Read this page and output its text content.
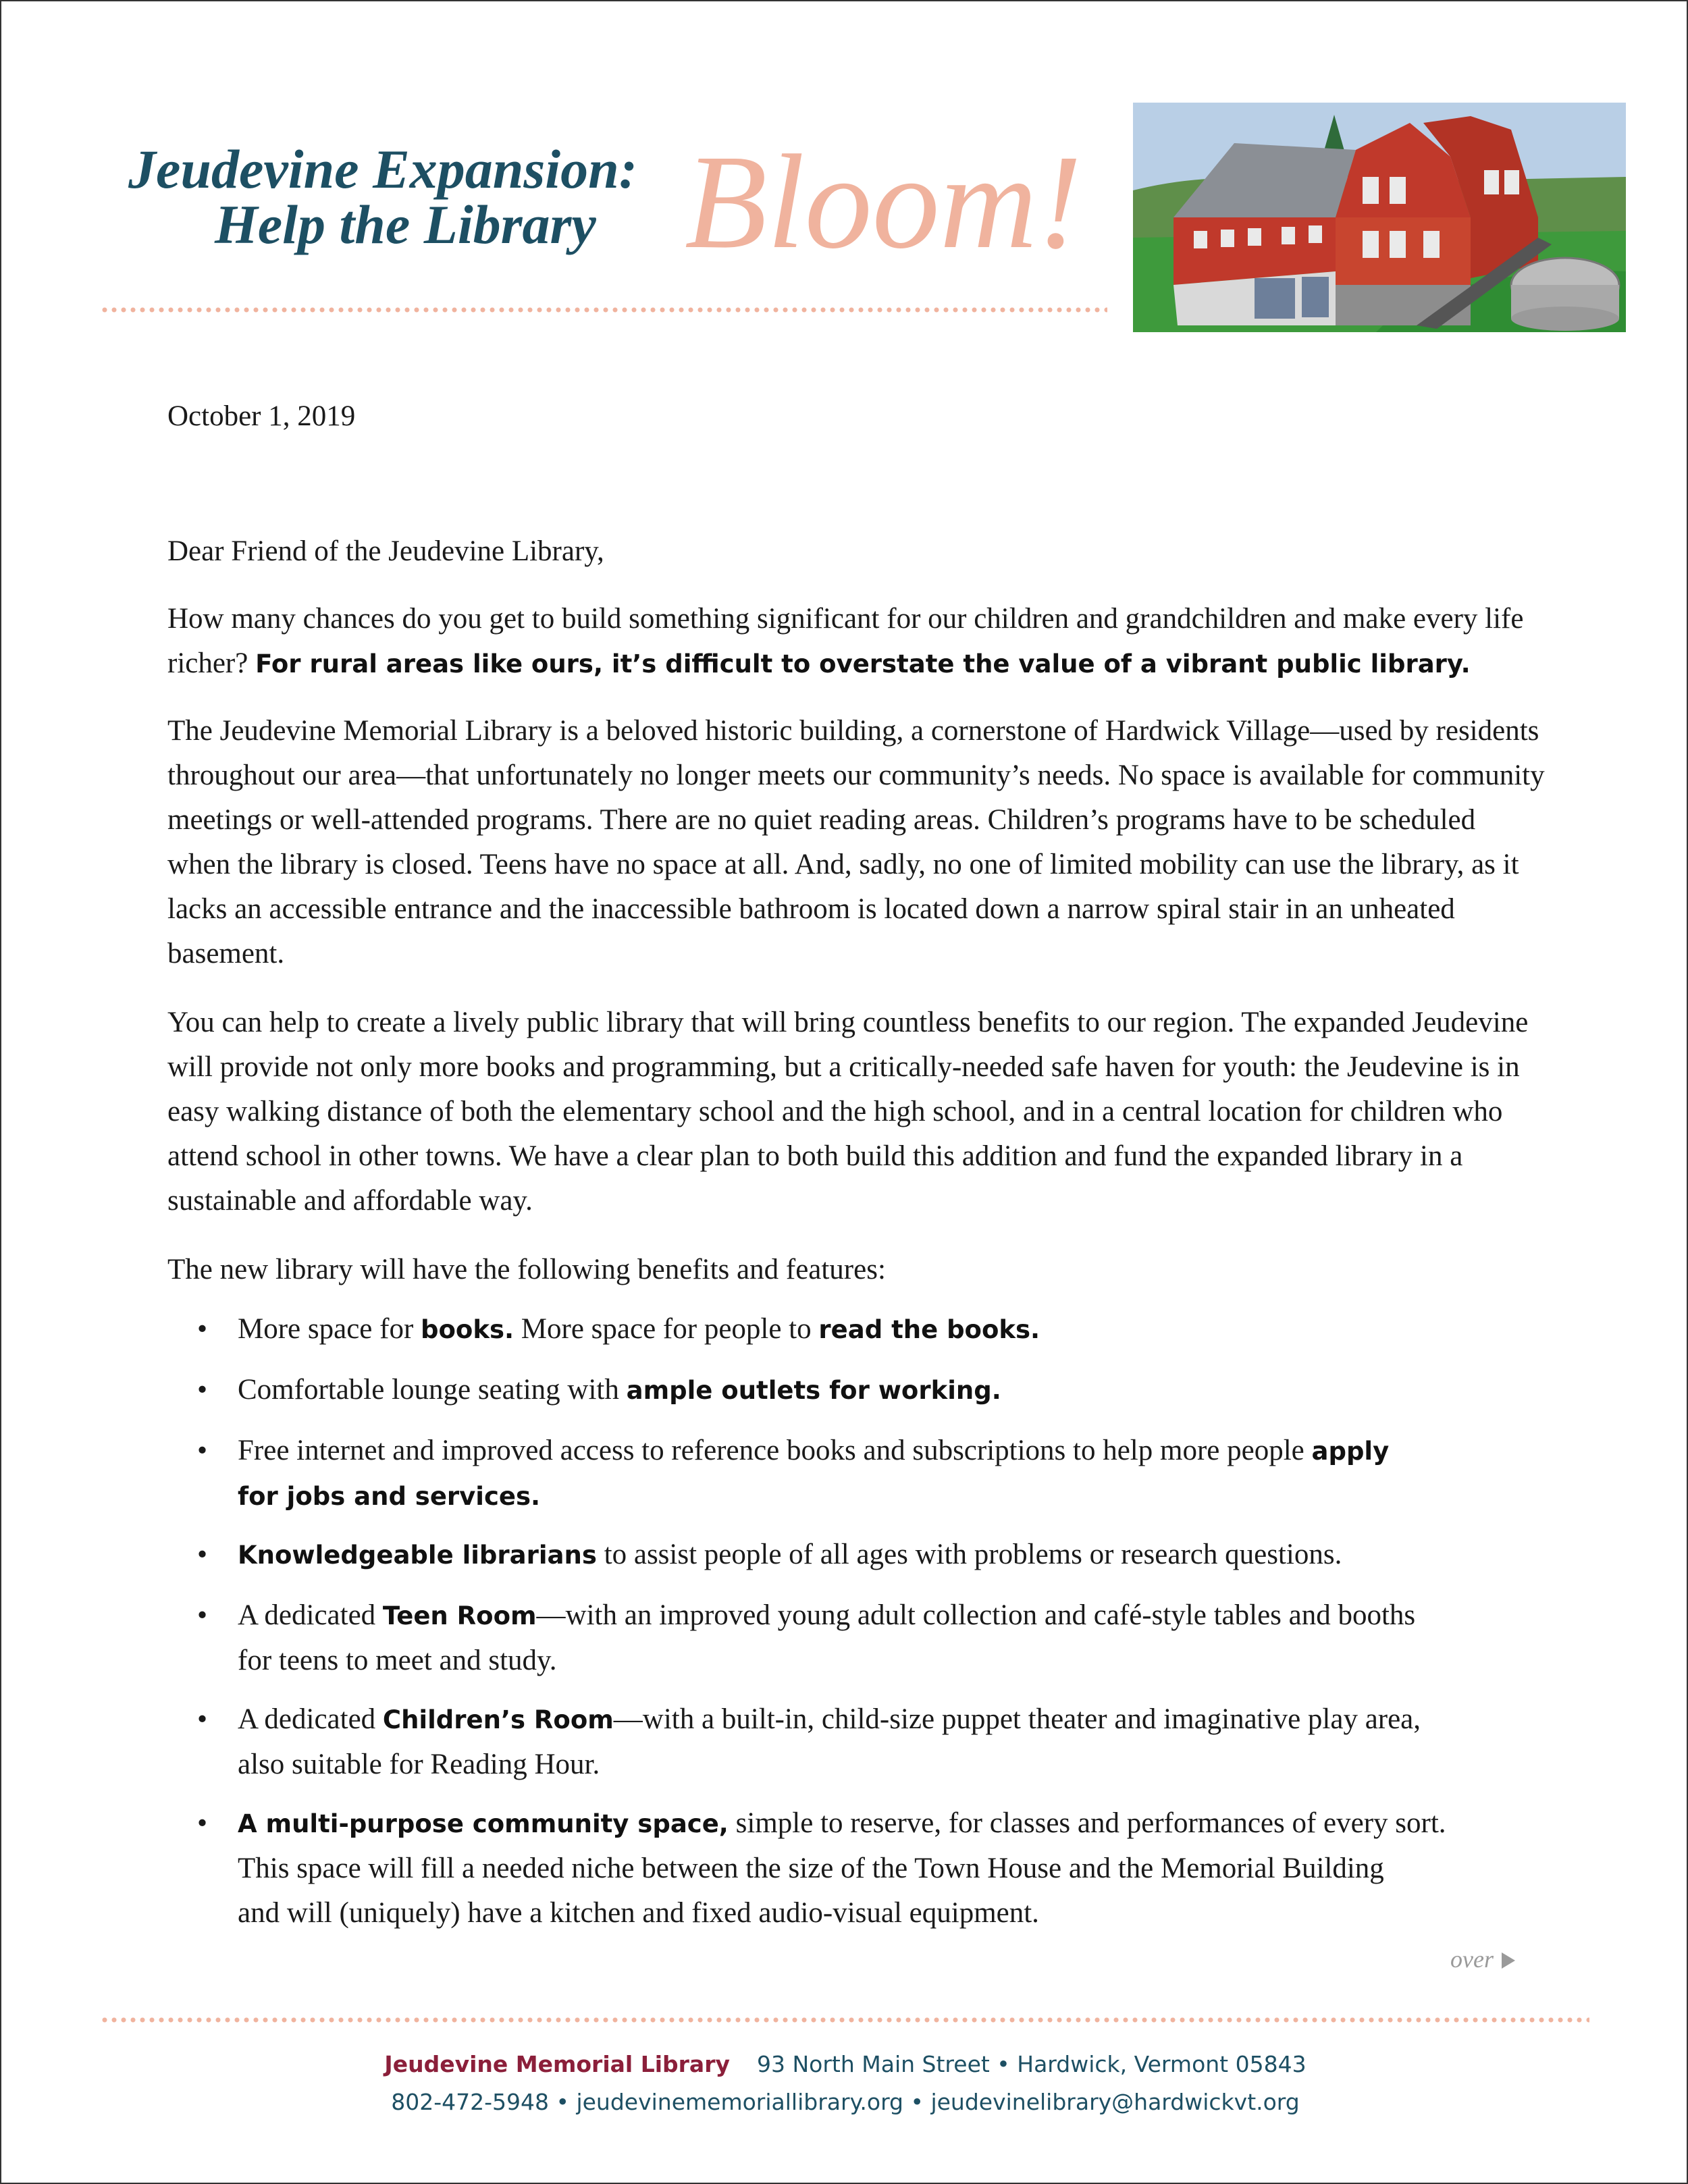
Jeudevine Expansion:
Help the Library Bloom!
October 1, 2019
Dear Friend of the Jeudevine Library,
How many chances do you get to build something significant for our children and grandchildren and make every life richer? For rural areas like ours, it’s difficult to overstate the value of a vibrant public library.
The Jeudevine Memorial Library is a beloved historic building, a cornerstone of Hardwick Village—used by residents throughout our area—that unfortunately no longer meets our community’s needs. No space is available for community meetings or well-attended programs. There are no quiet reading areas. Children’s programs have to be scheduled when the library is closed. Teens have no space at all. And, sadly, no one of limited mobility can use the library, as it lacks an accessible entrance and the inaccessible bathroom is located down a narrow spiral stair in an unheated basement.
You can help to create a lively public library that will bring countless benefits to our region. The expanded Jeudevine will provide not only more books and programming, but a critically-needed safe haven for youth: the Jeudevine is in easy walking distance of both the elementary school and the high school, and in a central location for children who attend school in other towns. We have a clear plan to both build this addition and fund the expanded library in a sustainable and affordable way.
The new library will have the following benefits and features:
•	More space for books. More space for people to read the books.
•	Comfortable lounge seating with ample outlets for working.
•	Free internet and improved access to reference books and subscriptions to help more people apply
for jobs and services.
•	Knowledgeable librarians to assist people of all ages with problems or research questions.
•	A dedicated Teen Room—with an improved young adult collection and café-style tables and booths
for teens to meet and study.
•	A dedicated Children’s Room—with a built-in, child-size puppet theater and imaginative play area,
also suitable for Reading Hour.
•	A multi-purpose community space, simple to reserve, for classes and performances of every sort.
This space will fill a needed niche between the size of the Town House and the Memorial Building
and will (uniquely) have a kitchen and fixed audio-visual equipment.
over
Jeudevine Memorial Library 93 North Main Street • Hardwick, Vermont 05843
802-472-5948 • jeudevinememoriallibrary.org • jeudevinelibrary@hardwickvt.org
